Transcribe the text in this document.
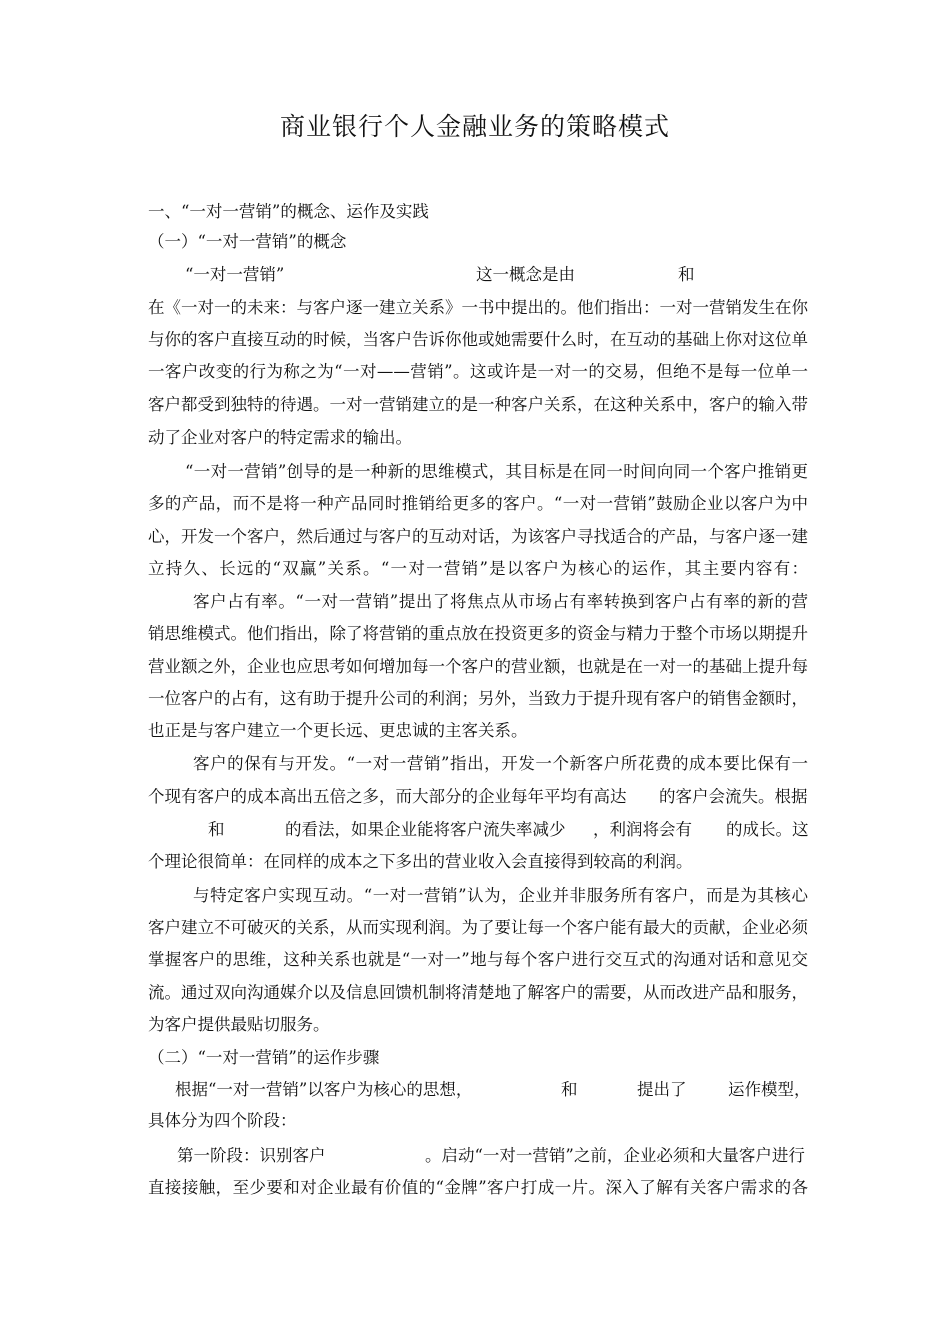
商业银行个人金融业务的策略模式
一、“一对一营销”的概念、运作及实践
（一）“一对一营销”的概念
“一对一营销”	这一概念是由	和
在《一对一的未来：与客户逐一建立关系》一书中提出的。他们指出：一对一营销发生在你
与你的客户直接互动的时候，当客户告诉你他或她需要什么时，在互动的基础上你对这位单
一客户改变的行为称之为“一对——营销”。这或许是一对一的交易，但绝不是每一位单一
客户都受到独特的待遇。一对一营销建立的是一种客户关系，在这种关系中，客户的输入带
动了企业对客户的特定需求的输出。
“一对一营销”创导的是一种新的思维模式，其目标是在同一时间向同一个客户推销更
多的产品，而不是将一种产品同时推销给更多的客户。“一对一营销”鼓励企业以客户为中
心，开发一个客户，然后通过与客户的互动对话，为该客户寻找适合的产品，与客户逐一建
立持久、长远的“双赢”关系。“一对一营销”是以客户为核心的运作，其主要内容有：
客户占有率。“一对一营销”提出了将焦点从市场占有率转换到客户占有率的新的营
销思维模式。他们指出，除了将营销的重点放在投资更多的资金与精力于整个市场以期提升
营业额之外，企业也应思考如何增加每一个客户的营业额，也就是在一对一的基础上提升每
一位客户的占有，这有助于提升公司的利润；另外，当致力于提升现有客户的销售金额时，
也正是与客户建立一个更长远、更忠诚的主客关系。
客户的保有与开发。“一对一营销”指出，开发一个新客户所花费的成本要比保有一
个现有客户的成本高出五倍之多，而大部分的企业每年平均有高达 的客户会流失。根据
和	的看法，如果企业能将客户流失率减少 ，利润将会有 的成长。这
个理论很简单：在同样的成本之下多出的营业收入会直接得到较高的利润。
与特定客户实现互动。“一对一营销”认为，企业并非服务所有客户，而是为其核心
客户建立不可破灭的关系，从而实现利润。为了要让每一个客户能有最大的贡献，企业必须
掌握客户的思维，这种关系也就是“一对一”地与每个客户进行交互式的沟通对话和意见交
流。通过双向沟通媒介以及信息回馈机制将清楚地了解客户的需要，从而改进产品和服务，
为客户提供最贴切服务。
（二）“一对一营销”的运作步骤
根据“一对一营销”以客户为核心的思想，	和	提出了	运作模型，
具体分为四个阶段：
第一阶段：识别客户	。启动“一对一营销”之前，企业必须和大量客户进行
直接接触，至少要和对企业最有价值的“金牌”客户打成一片。深入了解有关客户需求的各
